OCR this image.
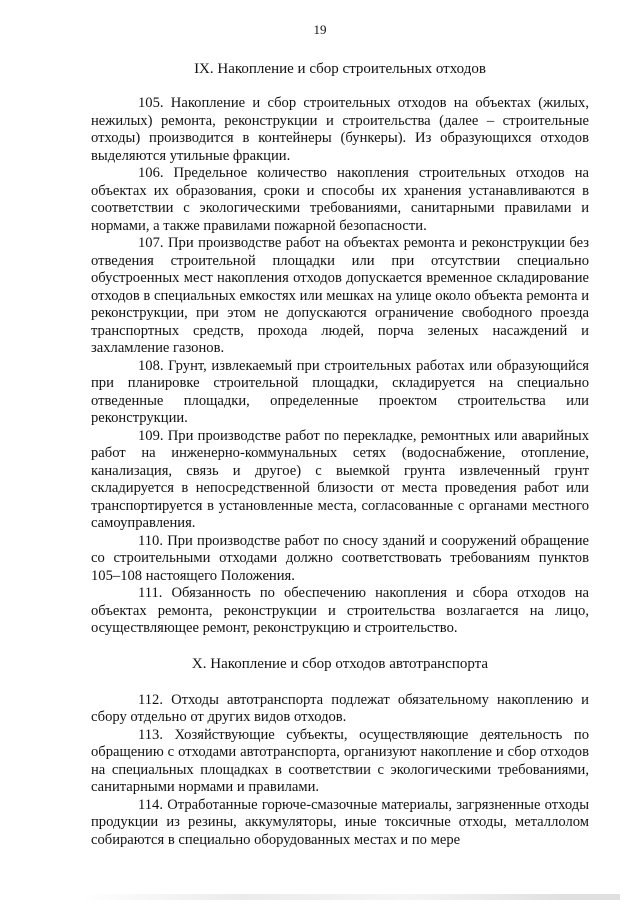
19
IX. Накопление и сбор строительных отходов

105. Накопление и сбор строительных отходов на объектах (жилых, нежилых) ремонта, реконструкции и строительства (далее – строительные отходы) производится в контейнеры (бункеры). Из образующихся отходов выделяются утильные фракции.

106. Предельное количество накопления строительных отходов на объектах их образования, сроки и способы их хранения устанавливаются в соответствии с экологическими требованиями, санитарными правилами и нормами, а также правилами пожарной безопасности.

107. При производстве работ на объектах ремонта и реконструкции без отведения строительной площадки или при отсутствии специально обустроенных мест накопления отходов допускается временное складирование отходов в специальных емкостях или мешках на улице около объекта ремонта и реконструкции, при этом не допускаются ограничение свободного проезда транспортных средств, прохода людей, порча зеленых насаждений и захламление газонов.

108. Грунт, извлекаемый при строительных работах или образующийся при планировке строительной площадки, складируется на специально отведенные площадки, определенные проектом строительства или реконструкции.

109. При производстве работ по перекладке, ремонтных или аварийных работ на инженерно-коммунальных сетях (водоснабжение, отопление, канализация, связь и другое) с выемкой грунта извлеченный грунт складируется в непосредственной близости от места проведения работ или транспортируется в установленные места, согласованные с органами местного самоуправления.

110. При производстве работ по сносу зданий и сооружений обращение со строительными отходами должно соответствовать требованиям пунктов 105–108 настоящего Положения.

111. Обязанность по обеспечению накопления и сбора отходов на объектах ремонта, реконструкции и строительства возлагается на лицо, осуществляющее ремонт, реконструкцию и строительство.

X. Накопление и сбор отходов автотранспорта

112. Отходы автотранспорта подлежат обязательному накоплению и сбору отдельно от других видов отходов.

113. Хозяйствующие субъекты, осуществляющие деятельность по обращению с отходами автотранспорта, организуют накопление и сбор отходов на специальных площадках в соответствии с экологическими требованиями, санитарными нормами и правилами.

114. Отработанные горюче-смазочные материалы, загрязненные отходы продукции из резины, аккумуляторы, иные токсичные отходы, металлолом собираются в специально оборудованных местах и по мере
